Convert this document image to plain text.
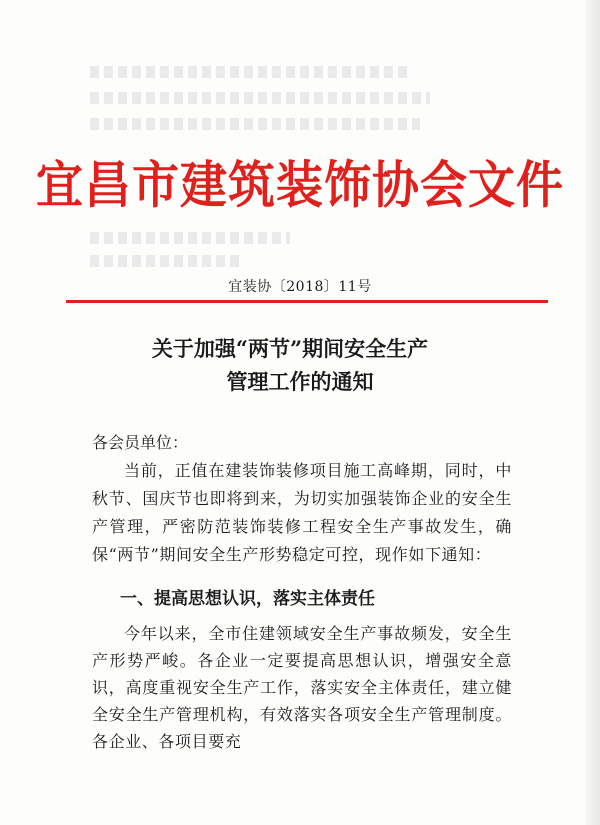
宜昌市建筑装饰协会文件
宜装协〔2018〕11号
关于加强“两节”期间安全生产
管理工作的通知
各会员单位：
当前，正值在建装饰装修项目施工高峰期，同时，中秋节、国庆节也即将到来，为切实加强装饰企业的安全生产管理，严密防范装饰装修工程安全生产事故发生，确保“两节”期间安全生产形势稳定可控，现作如下通知：
一、提高思想认识，落实主体责任
今年以来，全市住建领域安全生产事故频发，安全生产形势严峻。各企业一定要提高思想认识，增强安全意识，高度重视安全生产工作，落实安全主体责任，建立健全安全生产管理机构，有效落实各项安全生产管理制度。各企业、各项目要充
